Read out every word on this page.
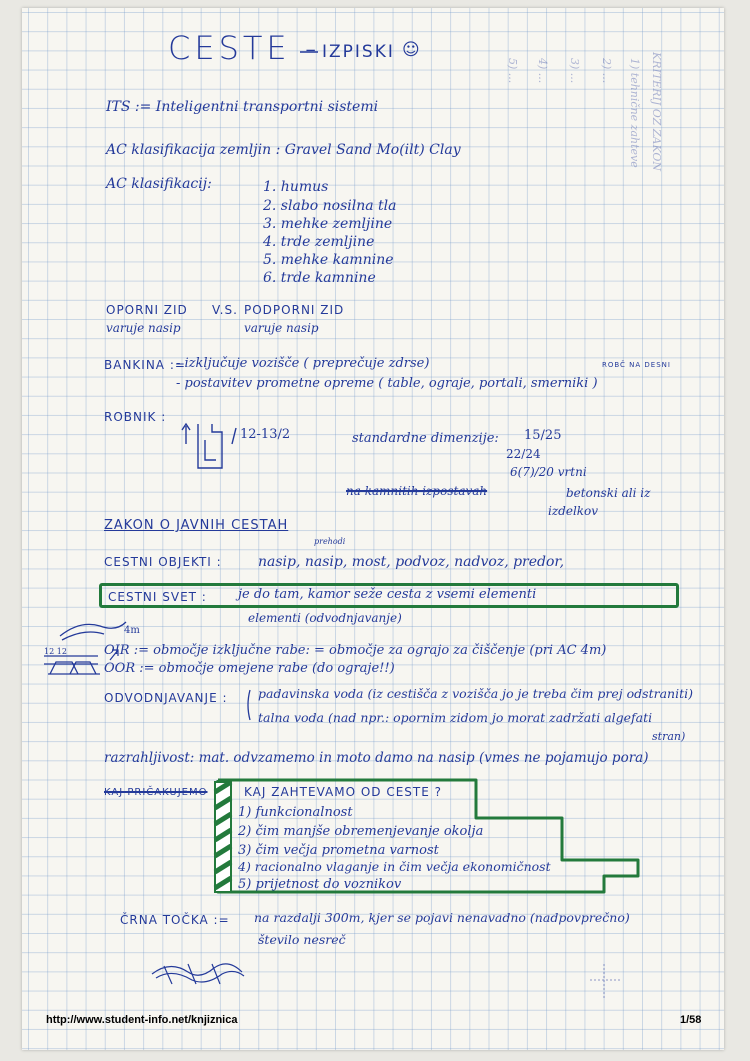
CESTE - IZPISKI ☺
KRITERIJ OZ ZAKON
1) tehnične zahteve
2) ...
3) ...
4) ...
5) ...
ITS := Inteligentni transportni sistemi
AC klasifikacija zemljin : Gravel Sand Mo(ilt) Clay
AC klasifikacij:	1. humus
2. slabo nosilna tla
3. mehke zemljine
4. trde zemljine
5. mehke kamnine
6. trde kamnine
OPORNI ZID V.S. PODPORNI ZID
varuje nasip	varuje nasip
BANKINA :=
- izključuje vozišče ( preprečuje zdrse)	ROBČ NA DESNI
- postavitev prometne opreme ( table, ograje, portali, smerniki )
ROBNIK :
12-13/2	standardne dimenzije: 15/25
22/24
6(7)/20 vrtni
na kamnitih izpostavah	betonski ali iz
izdelkov
ZAKON O JAVNIH CESTAH
prehodi
CESTNI OBJEKTI :	nasip, nasip, most, podvoz, nadvoz, predor,
CESTNI SVET : je do tam, kamor seže cesta z vsemi elementi
elementi (odvodnjavanje)
4m
12 12	OIR := območje izključne rabe: = območje za ograjo za čiščenje (pri AC 4m)
OOR := območje omejene rabe (do ograje!!)
ODVODNJAVANJE : padavinska voda (iz cestišča z vozišča jo je treba čim prej odstraniti)
talna voda (nad npr.: opornim zidom jo morat zadržati algefati
stran)
razrahljivost: mat. odvzamemo in moto damo na nasip (vmes ne pojamujo pora)
KAJ PRIČAKUJEMO	KAJ ZAHTEVAMO OD CESTE ?
1) funkcionalnost
2) čim manjše obremenjevanje okolja
3) čim večja prometna varnost
4) racionalno vlaganje in čim večja ekonomičnost
5) prijetnost do voznikov
ČRNA TOČKA := na razdalji 300m, kjer se pojavi nenavadno (nadpovprečno)
število nesreč
http://www.student-info.net/knjiznica	1/58
